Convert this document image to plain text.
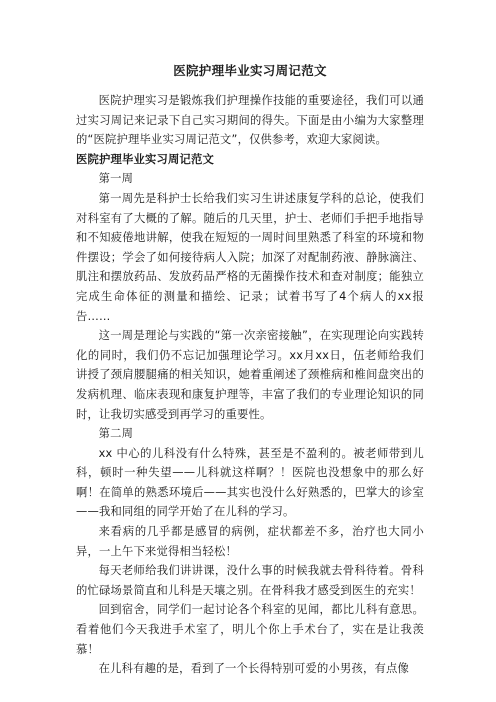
医院护理毕业实习周记范文

医院护理实习是锻炼我们护理操作技能的重要途径，我们可以通过实习周记来记录下自己实习期间的得失。下面是由小编为大家整理的“医院护理毕业实习周记范文”，仅供参考，欢迎大家阅读。

医院护理毕业实习周记范文

第一周

第一周先是科护士长给我们实习生讲述康复学科的总论，使我们对科室有了大概的了解。随后的几天里，护士、老师们手把手地指导和不知疲倦地讲解，使我在短短的一周时间里熟悉了科室的环境和物件摆设；学会了如何接待病人入院；加深了对配制药液、静脉滴注、肌注和摆放药品、发放药品严格的无菌操作技术和查对制度；能独立完成生命体征的测量和描绘、记录；试着书写了4个病人的xx报告……

这一周是理论与实践的“第一次亲密接触”，在实现理论向实践转化的同时，我们仍不忘记加强理论学习。xx月xx日，伍老师给我们讲授了颈肩腰腿痛的相关知识，她着重阐述了颈椎病和椎间盘突出的发病机理、临床表现和康复护理等，丰富了我们的专业理论知识的同时，让我切实感受到再学习的重要性。

第二周

xx 中心的儿科没有什么特殊，甚至是不盈利的。被老师带到儿科，顿时一种失望——儿科就这样啊？！医院也没想象中的那么好啊！在简单的熟悉环境后——其实也没什么好熟悉的，巴掌大的诊室——我和同组的同学开始了在儿科的学习。

来看病的几乎都是感冒的病例，症状都差不多，治疗也大同小异，一上午下来觉得相当轻松！

每天老师给我们讲讲课，没什么事的时候我就去骨科待着。骨科的忙碌场景简直和儿科是天壤之别。在骨科我才感受到医生的充实！

回到宿舍，同学们一起讨论各个科室的见闻，都比儿科有意思。看着他们今天我进手术室了，明儿个你上手术台了，实在是让我羡慕！

在儿科有趣的是，看到了一个长得特别可爱的小男孩，有点像
